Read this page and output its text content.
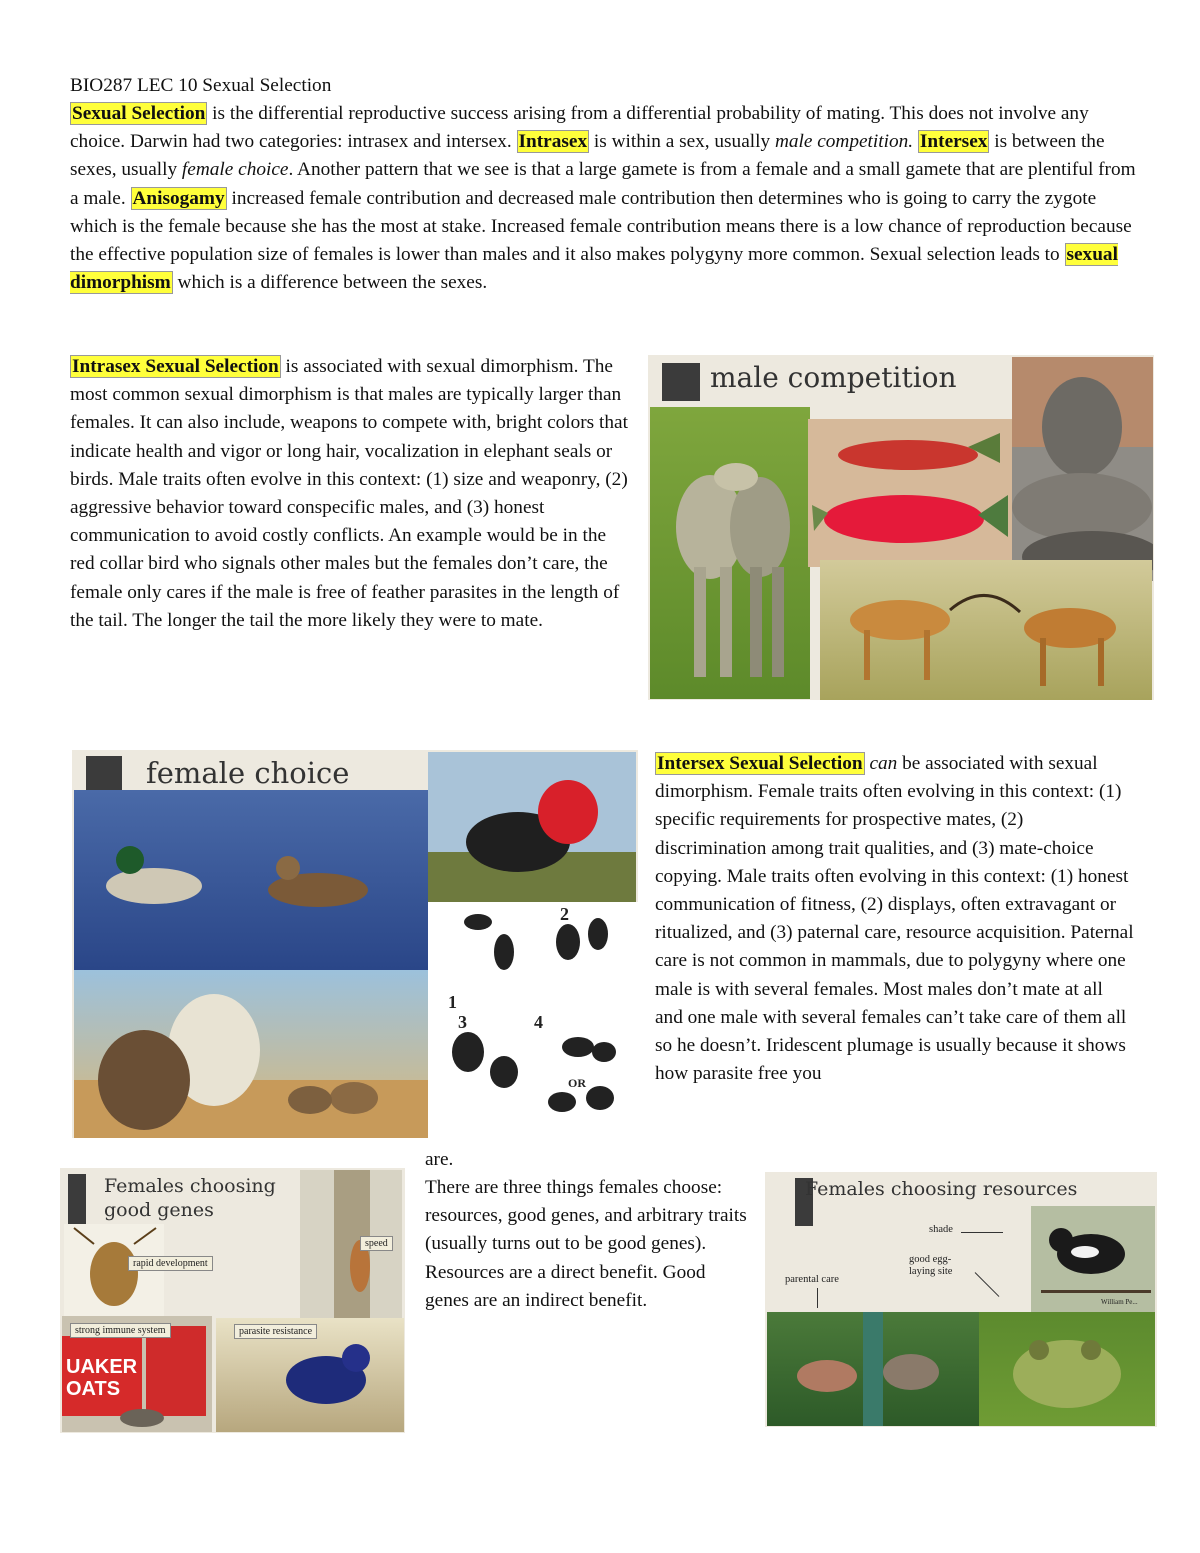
BIO287 LEC 10 Sexual Selection
Sexual Selection is the differential reproductive success arising from a differential probability of mating. This does not involve any choice. Darwin had two categories: intrasex and intersex. Intrasex is within a sex, usually male competition. Intersex is between the sexes, usually female choice. Another pattern that we see is that a large gamete is from a female and a small gamete that are plentiful from a male. Anisogamy increased female contribution and decreased male contribution then determines who is going to carry the zygote which is the female because she has the most at stake. Increased female contribution means there is a low chance of reproduction because the effective population size of females is lower than males and it also makes polygyny more common. Sexual selection leads to sexual dimorphism which is a difference between the sexes.
Intrasex Sexual Selection is associated with sexual dimorphism. The most common sexual dimorphism is that males are typically larger than females. It can also include, weapons to compete with, bright colors that indicate health and vigor or long hair, vocalization in elephant seals or birds. Male traits often evolve in this context: (1) size and weaponry, (2) aggressive behavior toward conspecific males, and (3) honest communication to avoid costly conflicts. An example would be in the red collar bird who signals other males but the females don’t care, the female only cares if the male is free of feather parasites in the length of the tail. The longer the tail the more likely they were to mate.
male competition
female choice
1
2
3	4
OR
Intersex Sexual Selection can be associated with sexual dimorphism. Female traits often evolving in this context: (1) specific requirements for prospective mates, (2) discrimination among trait qualities, and (3) mate-choice copying. Male traits often evolving in this context: (1) honest communication of fitness, (2) displays, often extravagant or ritualized, and (3) paternal care, resource acquisition. Paternal care is not common in mammals, due to polygyny where one male is with several females. Most males don’t mate at all and one male with several females can’t take care of them all so he doesn’t. Iridescent plumage is usually because it shows how parasite free you
are.
There are three things females choose: resources, good genes, and arbitrary traits (usually turns out to be good genes). Resources are a direct benefit. Good genes are an indirect benefit.
Females choosing good genes
rapid development
speed
UAKER
OATS
strong immune system	parasite resistance
Females choosing resources
shade
good egg-laying site
parental care
William Pe...
